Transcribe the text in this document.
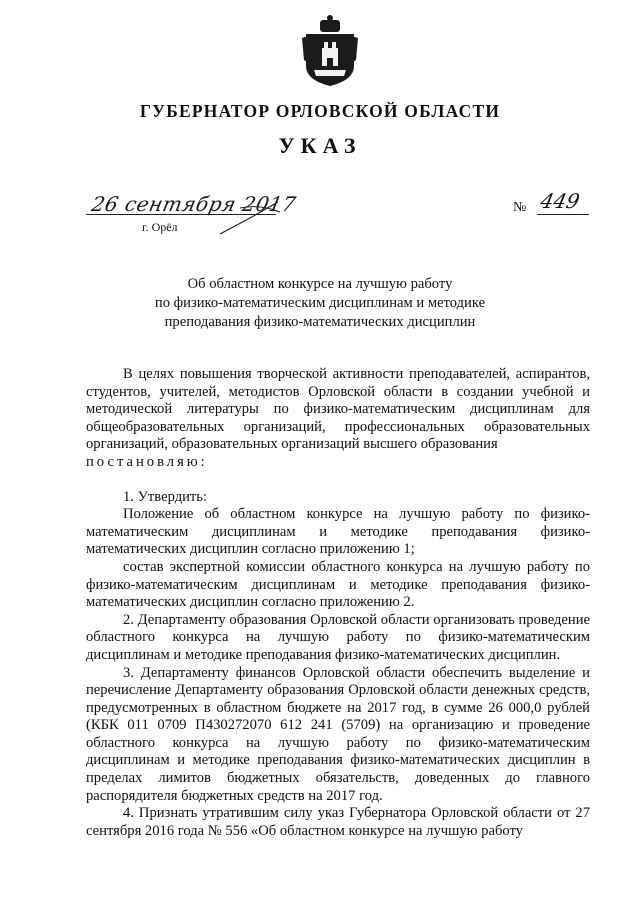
ГУБЕРНАТОР ОРЛОВСКОЙ ОБЛАСТИ
УКАЗ
26 сентября 2017
г. Орёл
№ 449
Об областном конкурсе на лучшую работу
по физико-математическим дисциплинам и методике
преподавания физико-математических дисциплин

В целях повышения творческой активности преподавателей, аспирантов, студентов, учителей, методистов Орловской области в создании учебной и методической литературы по физико-математическим дисциплинам для общеобразовательных организаций, профессиональных образовательных организаций, образовательных организаций высшего образования

постановляю:

1. Утвердить:

Положение об областном конкурсе на лучшую работу по физико-математическим дисциплинам и методике преподавания физико-математических дисциплин согласно приложению 1;

состав экспертной комиссии областного конкурса на лучшую работу по физико-математическим дисциплинам и методике преподавания физико-математических дисциплин согласно приложению 2.

2. Департаменту образования Орловской области организовать проведение областного конкурса на лучшую работу по физико-математическим дисциплинам и методике преподавания физико-математических дисциплин.

3. Департаменту финансов Орловской области обеспечить выделение и перечисление Департаменту образования Орловской области денежных средств, предусмотренных в областном бюджете на 2017 год, в сумме 26 000,0 рублей (КБК 011 0709 П430272070 612 241 (5709) на организацию и проведение областного конкурса на лучшую работу по физико-математическим дисциплинам и методике преподавания физико-математических дисциплин в пределах лимитов бюджетных обязательств, доведенных до главного распорядителя бюджетных средств на 2017 год.

4. Признать утратившим силу указ Губернатора Орловской области от 27 сентября 2016 года № 556 «Об областном конкурсе на лучшую работу
